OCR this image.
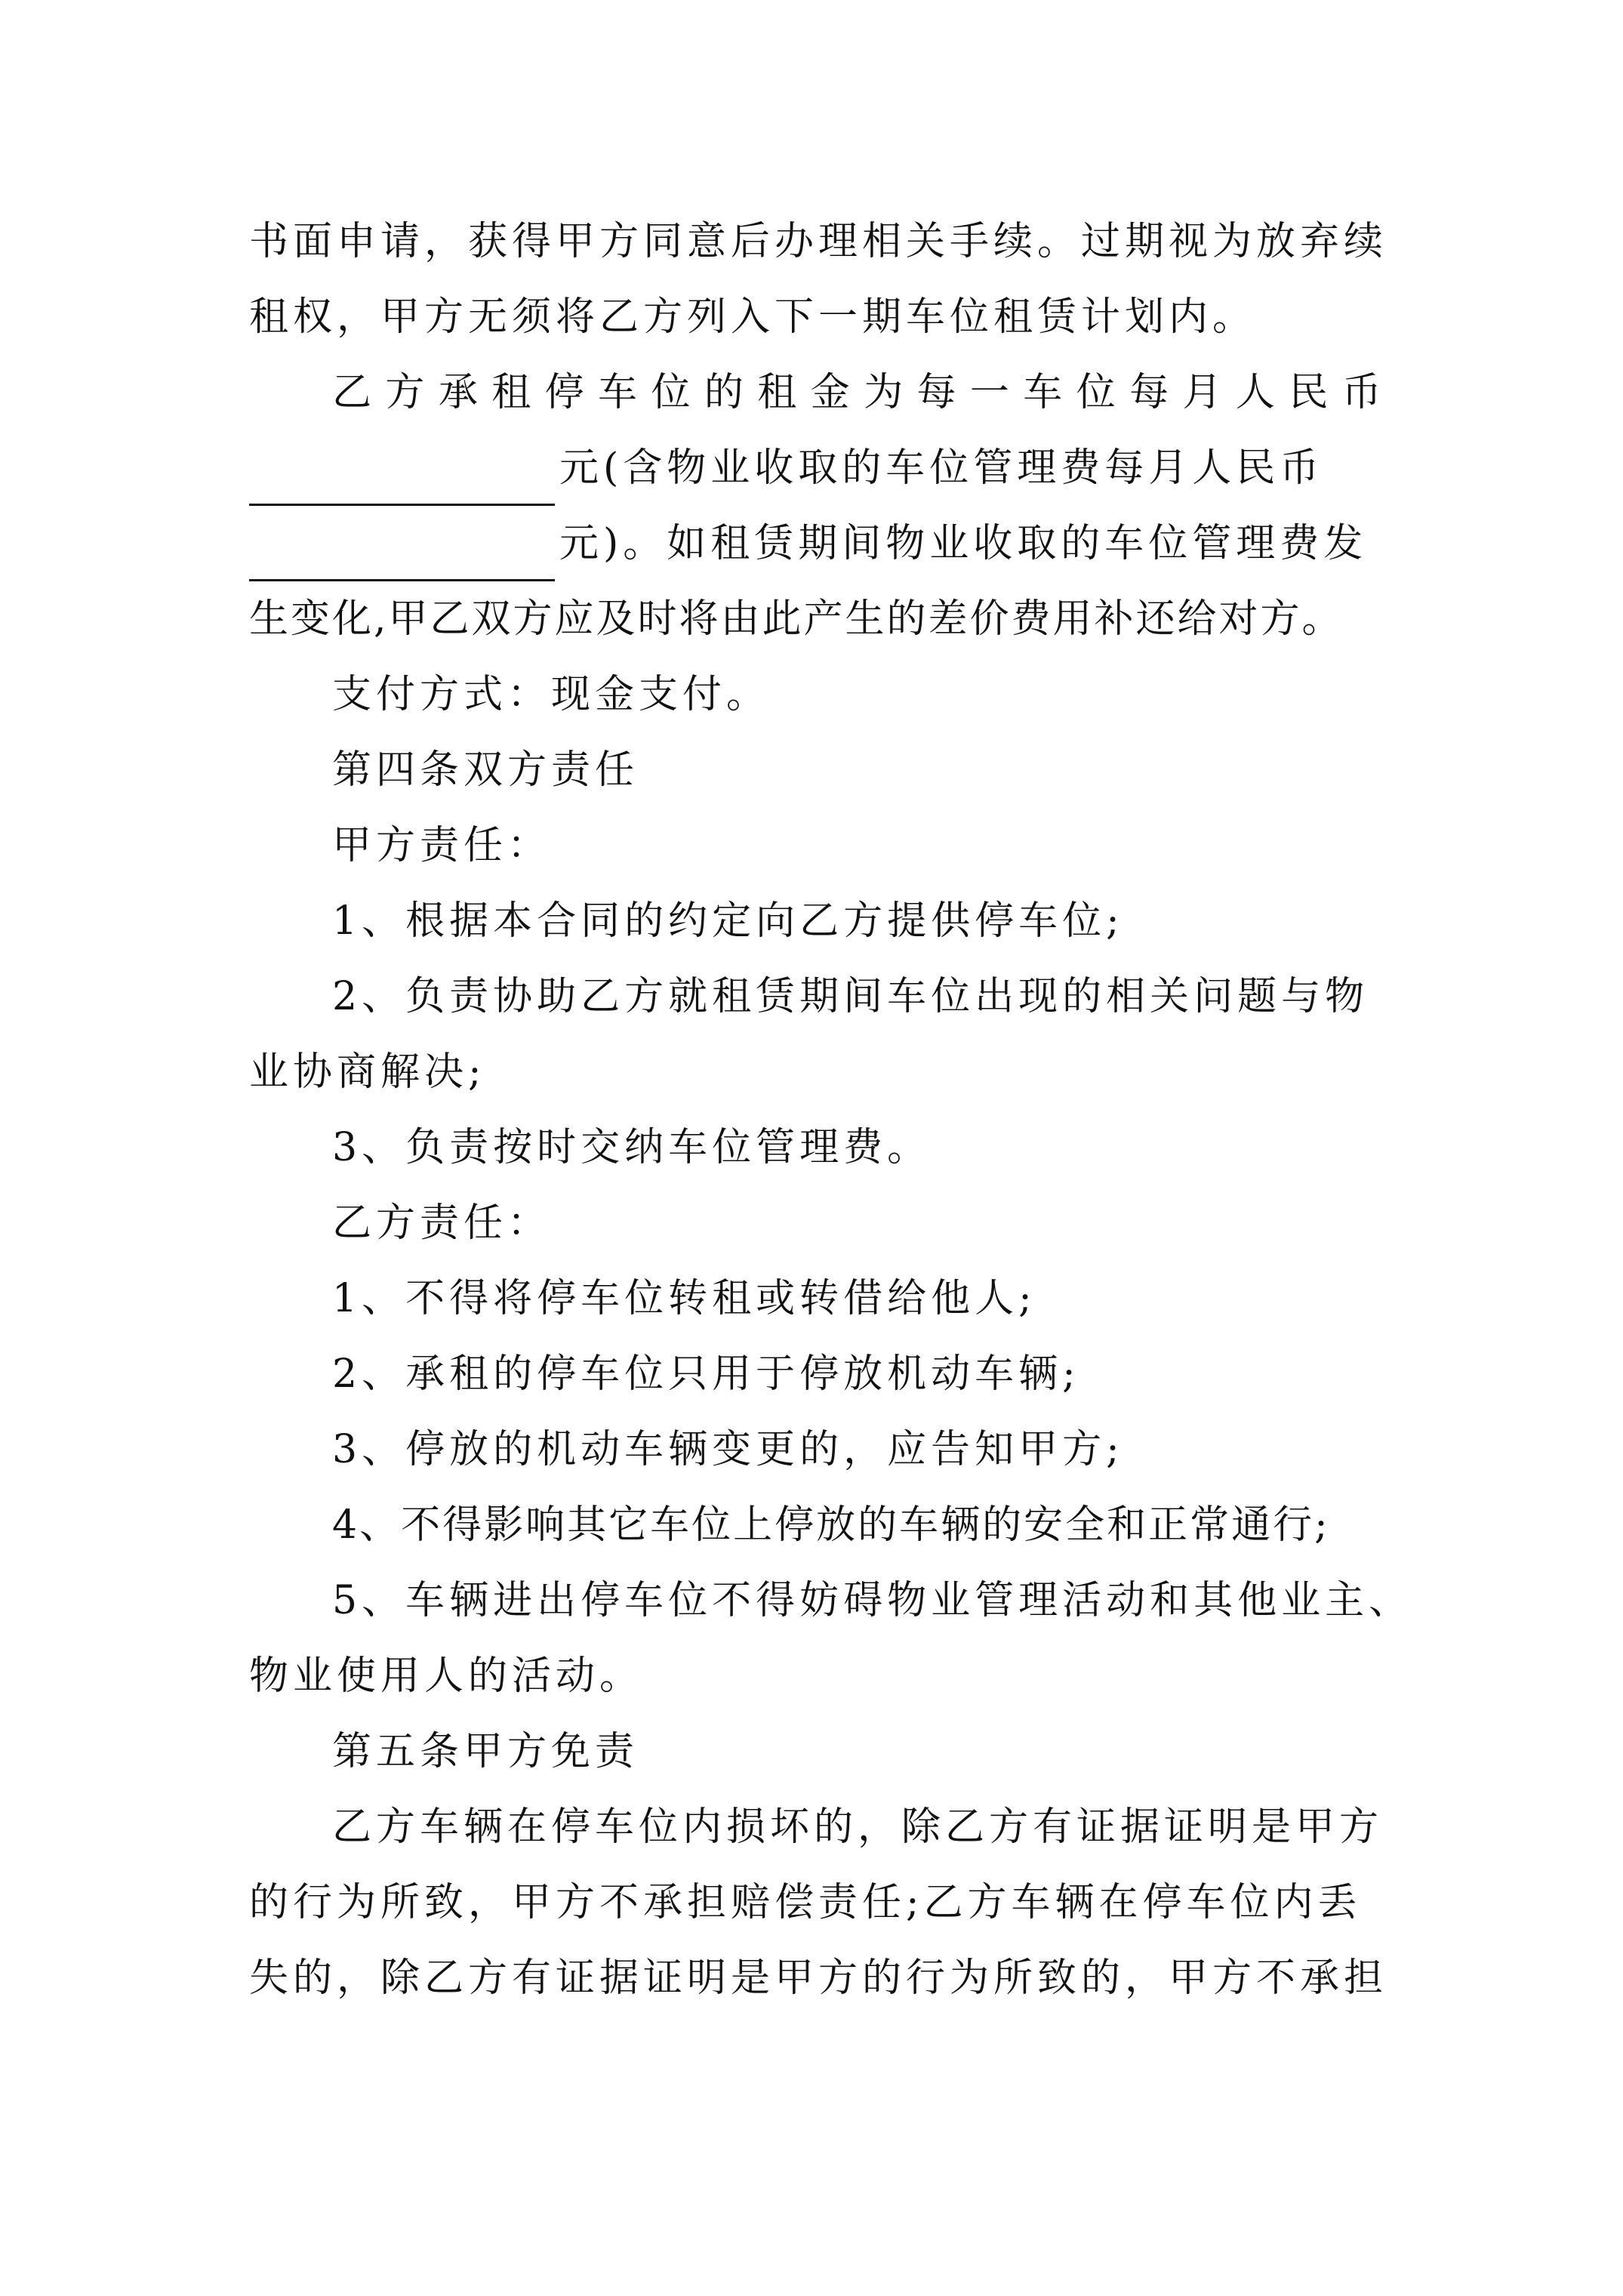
书面申请，获得甲方同意后办理相关手续。过期视为放弃续
租权，甲方无须将乙方列入下一期车位租赁计划内。
乙 方 承 租 停 车 位 的 租 金 为 每 一 车 位 每 月 人 民 币
元(含物业收取的车位管理费每月人民币
元)。如租赁期间物业收取的车位管理费发
生变化,甲乙双方应及时将由此产生的差价费用补还给对方。
支付方式：现金支付。
第四条双方责任
甲方责任：
1、根据本合同的约定向乙方提供停车位;
2、负责协助乙方就租赁期间车位出现的相关问题与物
业协商解决;
3、负责按时交纳车位管理费。
乙方责任：
1、不得将停车位转租或转借给他人;
2、承租的停车位只用于停放机动车辆;
3、停放的机动车辆变更的，应告知甲方;
4、不得影响其它车位上停放的车辆的安全和正常通行;
5、车辆进出停车位不得妨碍物业管理活动和其他业主、
物业使用人的活动。
第五条甲方免责
乙方车辆在停车位内损坏的，除乙方有证据证明是甲方
的行为所致，甲方不承担赔偿责任;乙方车辆在停车位内丢
失的，除乙方有证据证明是甲方的行为所致的，甲方不承担
